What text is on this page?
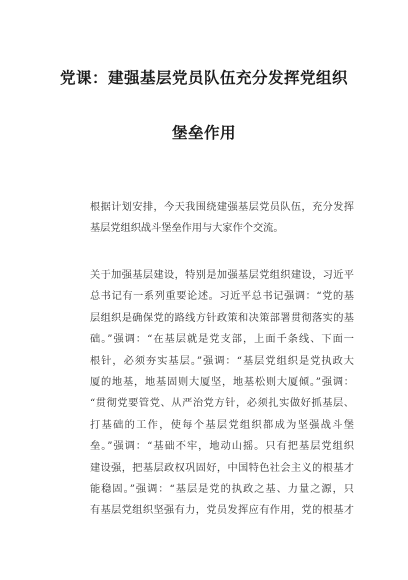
党课：建强基层党员队伍充分发挥党组织
堡垒作用
根据计划安排，今天我围绕建强基层党员队伍，充分发挥
基层党组织战斗堡垒作用与大家作个交流。
关于加强基层建设，特别是加强基层党组织建设，习近平
总书记有一系列重要论述。习近平总书记强调：“党的基
层组织是确保党的路线方针政策和决策部署贯彻落实的基
础。”强调：“在基层就是党支部，上面千条线、下面一
根针，必须夯实基层。”强调：“基层党组织是党执政大
厦的地基，地基固则大厦坚，地基松则大厦倾。”强调：
“贯彻党要管党、从严治党方针，必须扎实做好抓基层、
打基础的工作，使每个基层党组织都成为坚强战斗堡
垒。”强调：“基础不牢，地动山摇。只有把基层党组织
建设强，把基层政权巩固好，中国特色社会主义的根基才
能稳固。”强调：“基层是党的执政之基、力量之源，只
有基层党组织坚强有力，党员发挥应有作用，党的根基才
